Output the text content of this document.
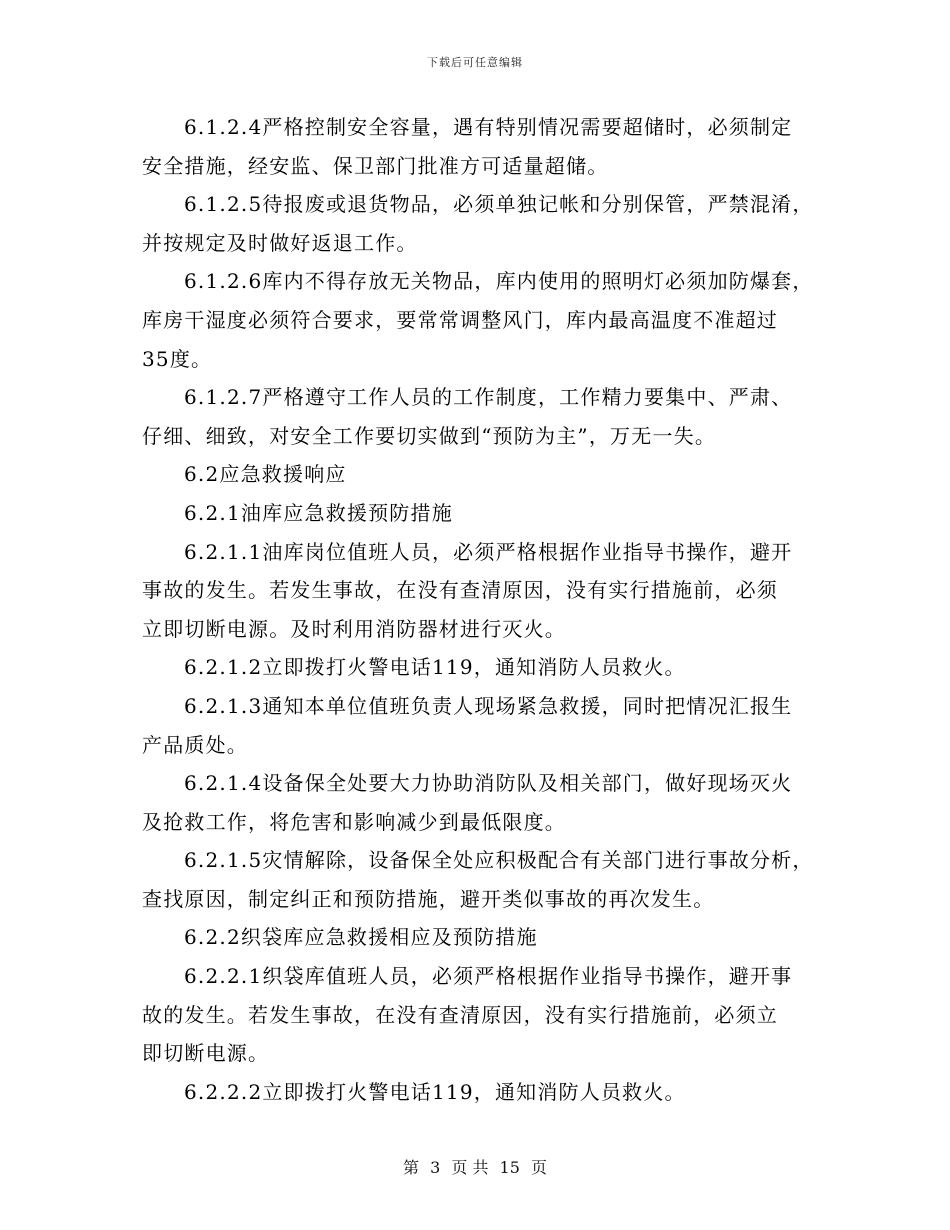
下载后可任意编辑
6.1.2.4严格控制安全容量，遇有特别情况需要超储时，必须制定
安全措施，经安监、保卫部门批准方可适量超储。
6.1.2.5待报废或退货物品，必须单独记帐和分别保管，严禁混淆，
并按规定及时做好返退工作。
6.1.2.6库内不得存放无关物品，库内使用的照明灯必须加防爆套，
库房干湿度必须符合要求，要常常调整风门，库内最高温度不准超过
35度。
6.1.2.7严格遵守工作人员的工作制度，工作精力要集中、严肃、
仔细、细致，对安全工作要切实做到“预防为主”，万无一失。
6.2应急救援响应
6.2.1油库应急救援预防措施
6.2.1.1油库岗位值班人员，必须严格根据作业指导书操作，避开
事故的发生。若发生事故，在没有查清原因，没有实行措施前，必须
立即切断电源。及时利用消防器材进行灭火。
6.2.1.2立即拨打火警电话119，通知消防人员救火。
6.2.1.3通知本单位值班负责人现场紧急救援，同时把情况汇报生
产品质处。
6.2.1.4设备保全处要大力协助消防队及相关部门，做好现场灭火
及抢救工作，将危害和影响减少到最低限度。
6.2.1.5灾情解除，设备保全处应积极配合有关部门进行事故分析，
查找原因，制定纠正和预防措施，避开类似事故的再次发生。
6.2.2织袋库应急救援相应及预防措施
6.2.2.1织袋库值班人员，必须严格根据作业指导书操作，避开事
故的发生。若发生事故，在没有查清原因，没有实行措施前，必须立
即切断电源。
6.2.2.2立即拨打火警电话119，通知消防人员救火。
第 3 页 共 15 页
